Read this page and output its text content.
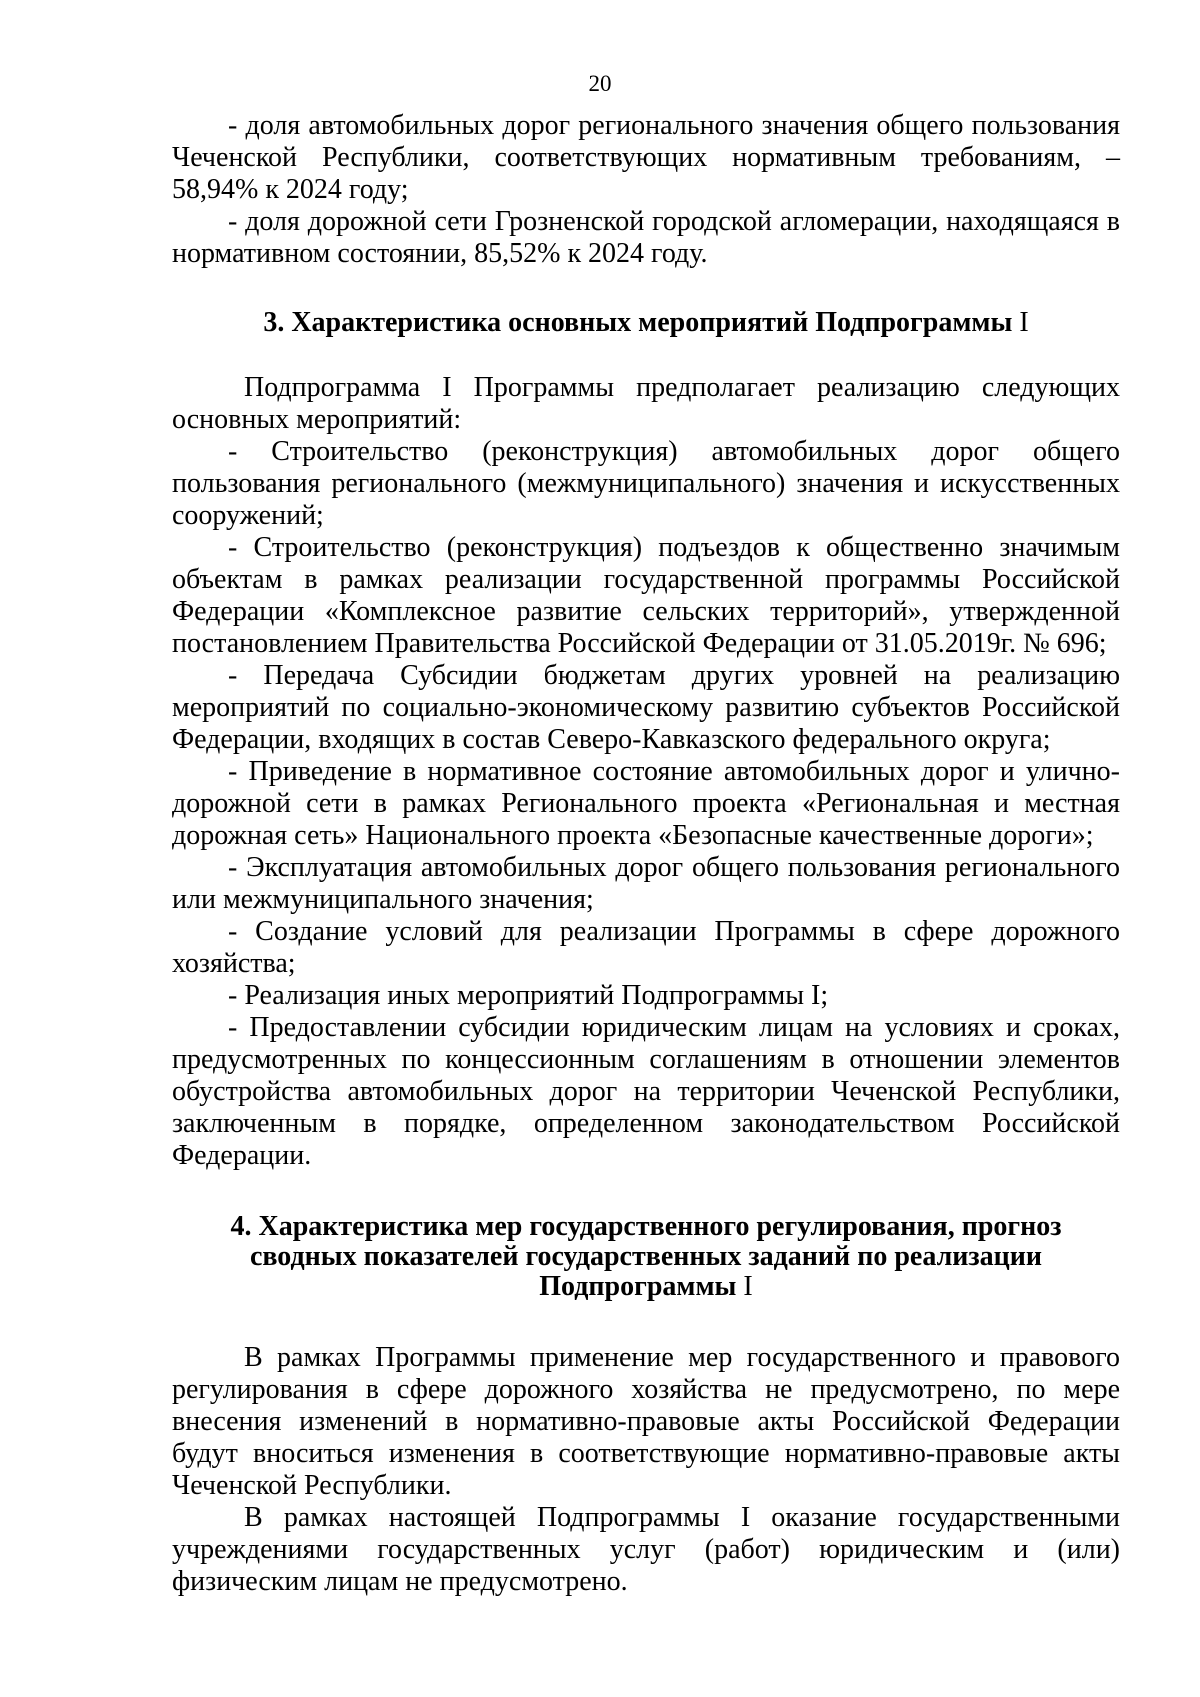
20

- доля автомобильных дорог регионального значения общего пользования Чеченской Республики, соответствующих нормативным требованиям, – 58,94% к 2024 году;

- доля дорожной сети Грозненской городской агломерации, находящаяся в нормативном состоянии, 85,52% к 2024 году.

3. Характеристика основных мероприятий Подпрограммы I

Подпрограмма I Программы предполагает реализацию следующих основных мероприятий:

- Строительство (реконструкция) автомобильных дорог общего пользования регионального (межмуниципального) значения и искусственных сооружений;

- Строительство (реконструкция) подъездов к общественно значимым объектам в рамках реализации государственной программы Российской Федерации «Комплексное развитие сельских территорий», утвержденной постановлением Правительства Российской Федерации от 31.05.2019г. № 696;

- Передача Субсидии бюджетам других уровней на реализацию мероприятий по социально-экономическому развитию субъектов Российской Федерации, входящих в состав Северо-Кавказского федерального округа;

- Приведение в нормативное состояние автомобильных дорог и улично-дорожной сети в рамках Регионального проекта «Региональная и местная дорожная сеть» Национального проекта «Безопасные качественные дороги»;

- Эксплуатация автомобильных дорог общего пользования регионального или межмуниципального значения;

- Создание условий для реализации Программы в сфере дорожного хозяйства;

- Реализация иных мероприятий Подпрограммы I;

- Предоставлении субсидии юридическим лицам на условиях и сроках, предусмотренных по концессионным соглашениям в отношении элементов обустройства автомобильных дорог на территории Чеченской Республики, заключенным в порядке, определенном законодательством Российской Федерации.

4. Характеристика мер государственного регулирования, прогноз
сводных показателей государственных заданий по реализации
Подпрограммы I

В рамках Программы применение мер государственного и правового регулирования в сфере дорожного хозяйства не предусмотрено, по мере внесения изменений в нормативно-правовые акты Российской Федерации будут вноситься изменения в соответствующие нормативно-правовые акты Чеченской Республики.

В рамках настоящей Подпрограммы I оказание государственными учреждениями государственных услуг (работ) юридическим и (или) физическим лицам не предусмотрено.
